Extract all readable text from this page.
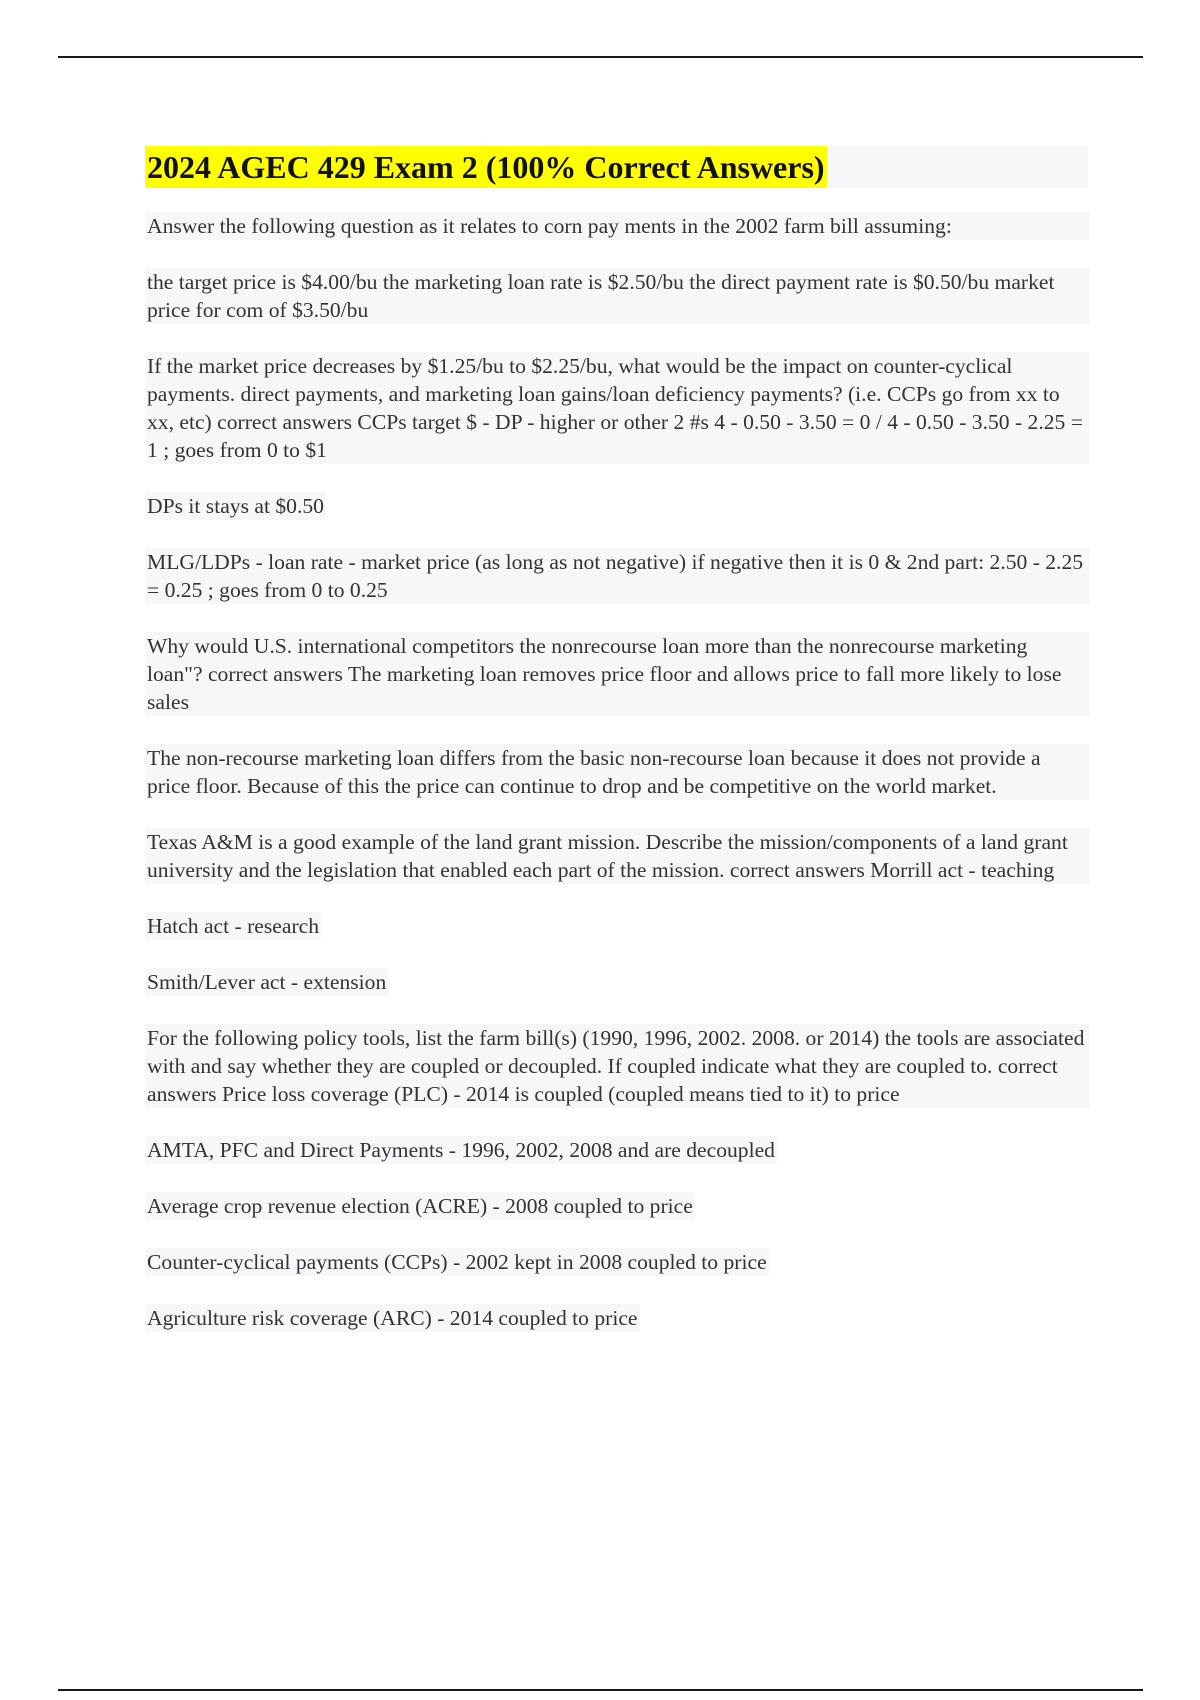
2024 AGEC 429 Exam 2 (100% Correct Answers)

Answer the following question as it relates to corn pay ments in the 2002 farm bill assuming:

the target price is $4.00/bu the marketing loan rate is $2.50/bu the direct payment rate is $0.50/bu market price for com of $3.50/bu

If the market price decreases by $1.25/bu to $2.25/bu, what would be the impact on counter-cyclical payments. direct payments, and marketing loan gains/loan deficiency payments? (i.e. CCPs go from xx to xx, etc) correct answers CCPs target $ - DP - higher or other 2 #s 4 - 0.50 - 3.50 = 0 / 4 - 0.50 - 3.50 - 2.25 = 1 ; goes from 0 to $1

DPs it stays at $0.50

MLG/LDPs - loan rate - market price (as long as not negative) if negative then it is 0 & 2nd part: 2.50 - 2.25 = 0.25 ; goes from 0 to 0.25

Why would U.S. international competitors the nonrecourse loan more than the nonrecourse marketing loan"? correct answers The marketing loan removes price floor and allows price to fall more likely to lose sales

The non-recourse marketing loan differs from the basic non-recourse loan because it does not provide a price floor. Because of this the price can continue to drop and be competitive on the world market.

Texas A&M is a good example of the land grant mission. Describe the mission/components of a land grant university and the legislation that enabled each part of the mission. correct answers Morrill act - teaching

Hatch act - research

Smith/Lever act - extension

For the following policy tools, list the farm bill(s) (1990, 1996, 2002. 2008. or 2014) the tools are associated with and say whether they are coupled or decoupled. If coupled indicate what they are coupled to. correct answers Price loss coverage (PLC) - 2014 is coupled (coupled means tied to it) to price

AMTA, PFC and Direct Payments - 1996, 2002, 2008 and are decoupled

Average crop revenue election (ACRE) - 2008 coupled to price

Counter-cyclical payments (CCPs) - 2002 kept in 2008 coupled to price

Agriculture risk coverage (ARC) - 2014 coupled to price
